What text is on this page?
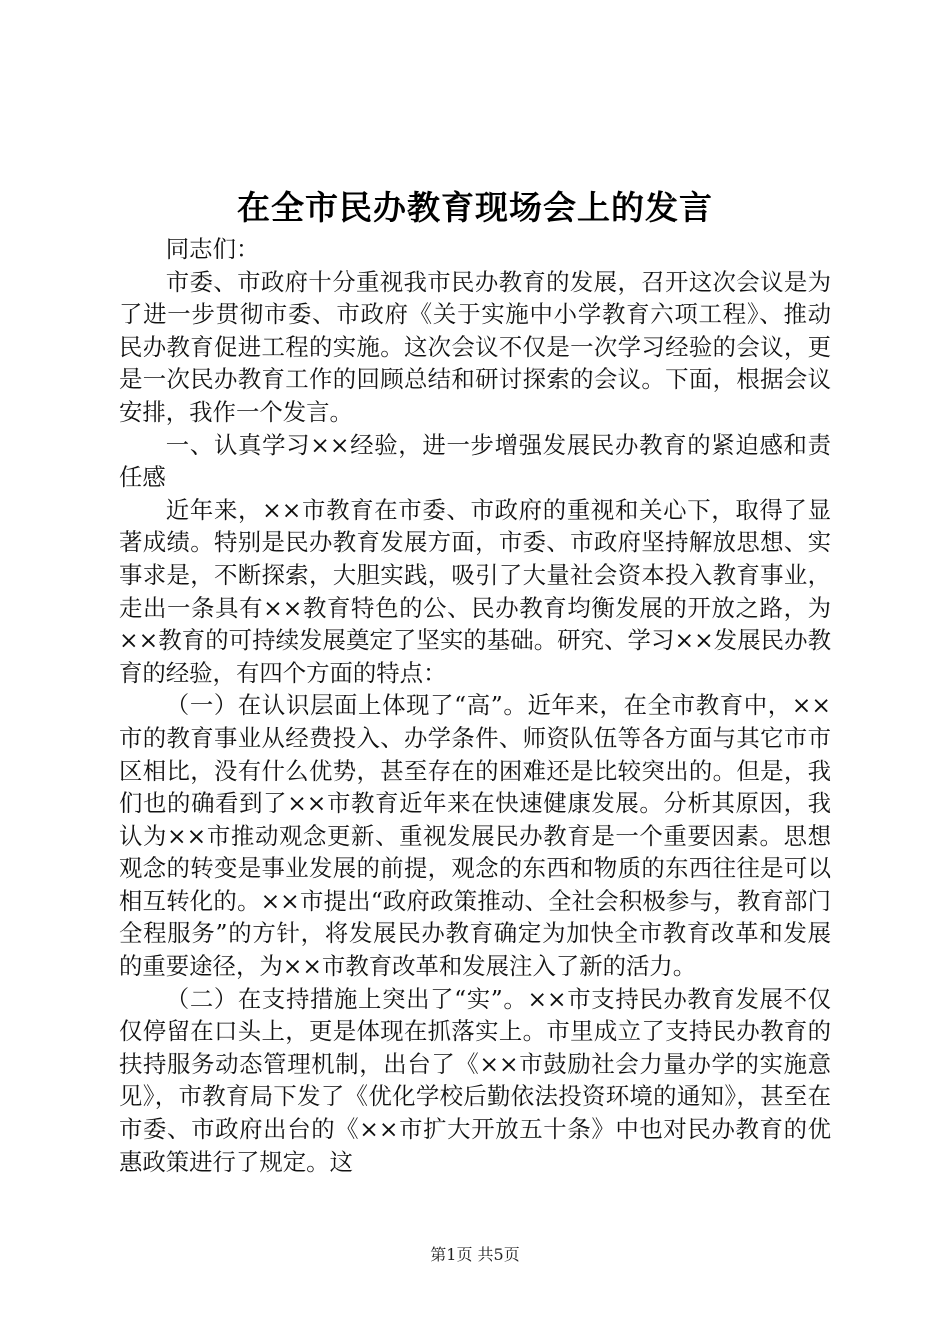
在全市民办教育现场会上的发言

同志们：

市委、市政府十分重视我市民办教育的发展，召开这次会议是为了进一步贯彻市委、市政府《关于实施中小学教育六项工程》、推动民办教育促进工程的实施。这次会议不仅是一次学习经验的会议，更是一次民办教育工作的回顾总结和研讨探索的会议。下面，根据会议安排，我作一个发言。

一、认真学习××经验，进一步增强发展民办教育的紧迫感和责任感

近年来，××市教育在市委、市政府的重视和关心下，取得了显著成绩。特别是民办教育发展方面，市委、市政府坚持解放思想、实事求是，不断探索，大胆实践，吸引了大量社会资本投入教育事业，走出一条具有××教育特色的公、民办教育均衡发展的开放之路，为××教育的可持续发展奠定了坚实的基础。研究、学习××发展民办教育的经验，有四个方面的特点：

（一）在认识层面上体现了“高”。近年来，在全市教育中，××市的教育事业从经费投入、办学条件、师资队伍等各方面与其它市市区相比，没有什么优势，甚至存在的困难还是比较突出的。但是，我们也的确看到了××市教育近年来在快速健康发展。分析其原因，我认为××市推动观念更新、重视发展民办教育是一个重要因素。思想观念的转变是事业发展的前提，观念的东西和物质的东西往往是可以相互转化的。××市提出“政府政策推动、全社会积极参与，教育部门全程服务”的方针，将发展民办教育确定为加快全市教育改革和发展的重要途径，为××市教育改革和发展注入了新的活力。

（二）在支持措施上突出了“实”。××市支持民办教育发展不仅仅停留在口头上，更是体现在抓落实上。市里成立了支持民办教育的扶持服务动态管理机制，出台了《××市鼓励社会力量办学的实施意见》，市教育局下发了《优化学校后勤依法投资环境的通知》，甚至在市委、市政府出台的《××市扩大开放五十条》中也对民办教育的优惠政策进行了规定。这

第1页 共5页
